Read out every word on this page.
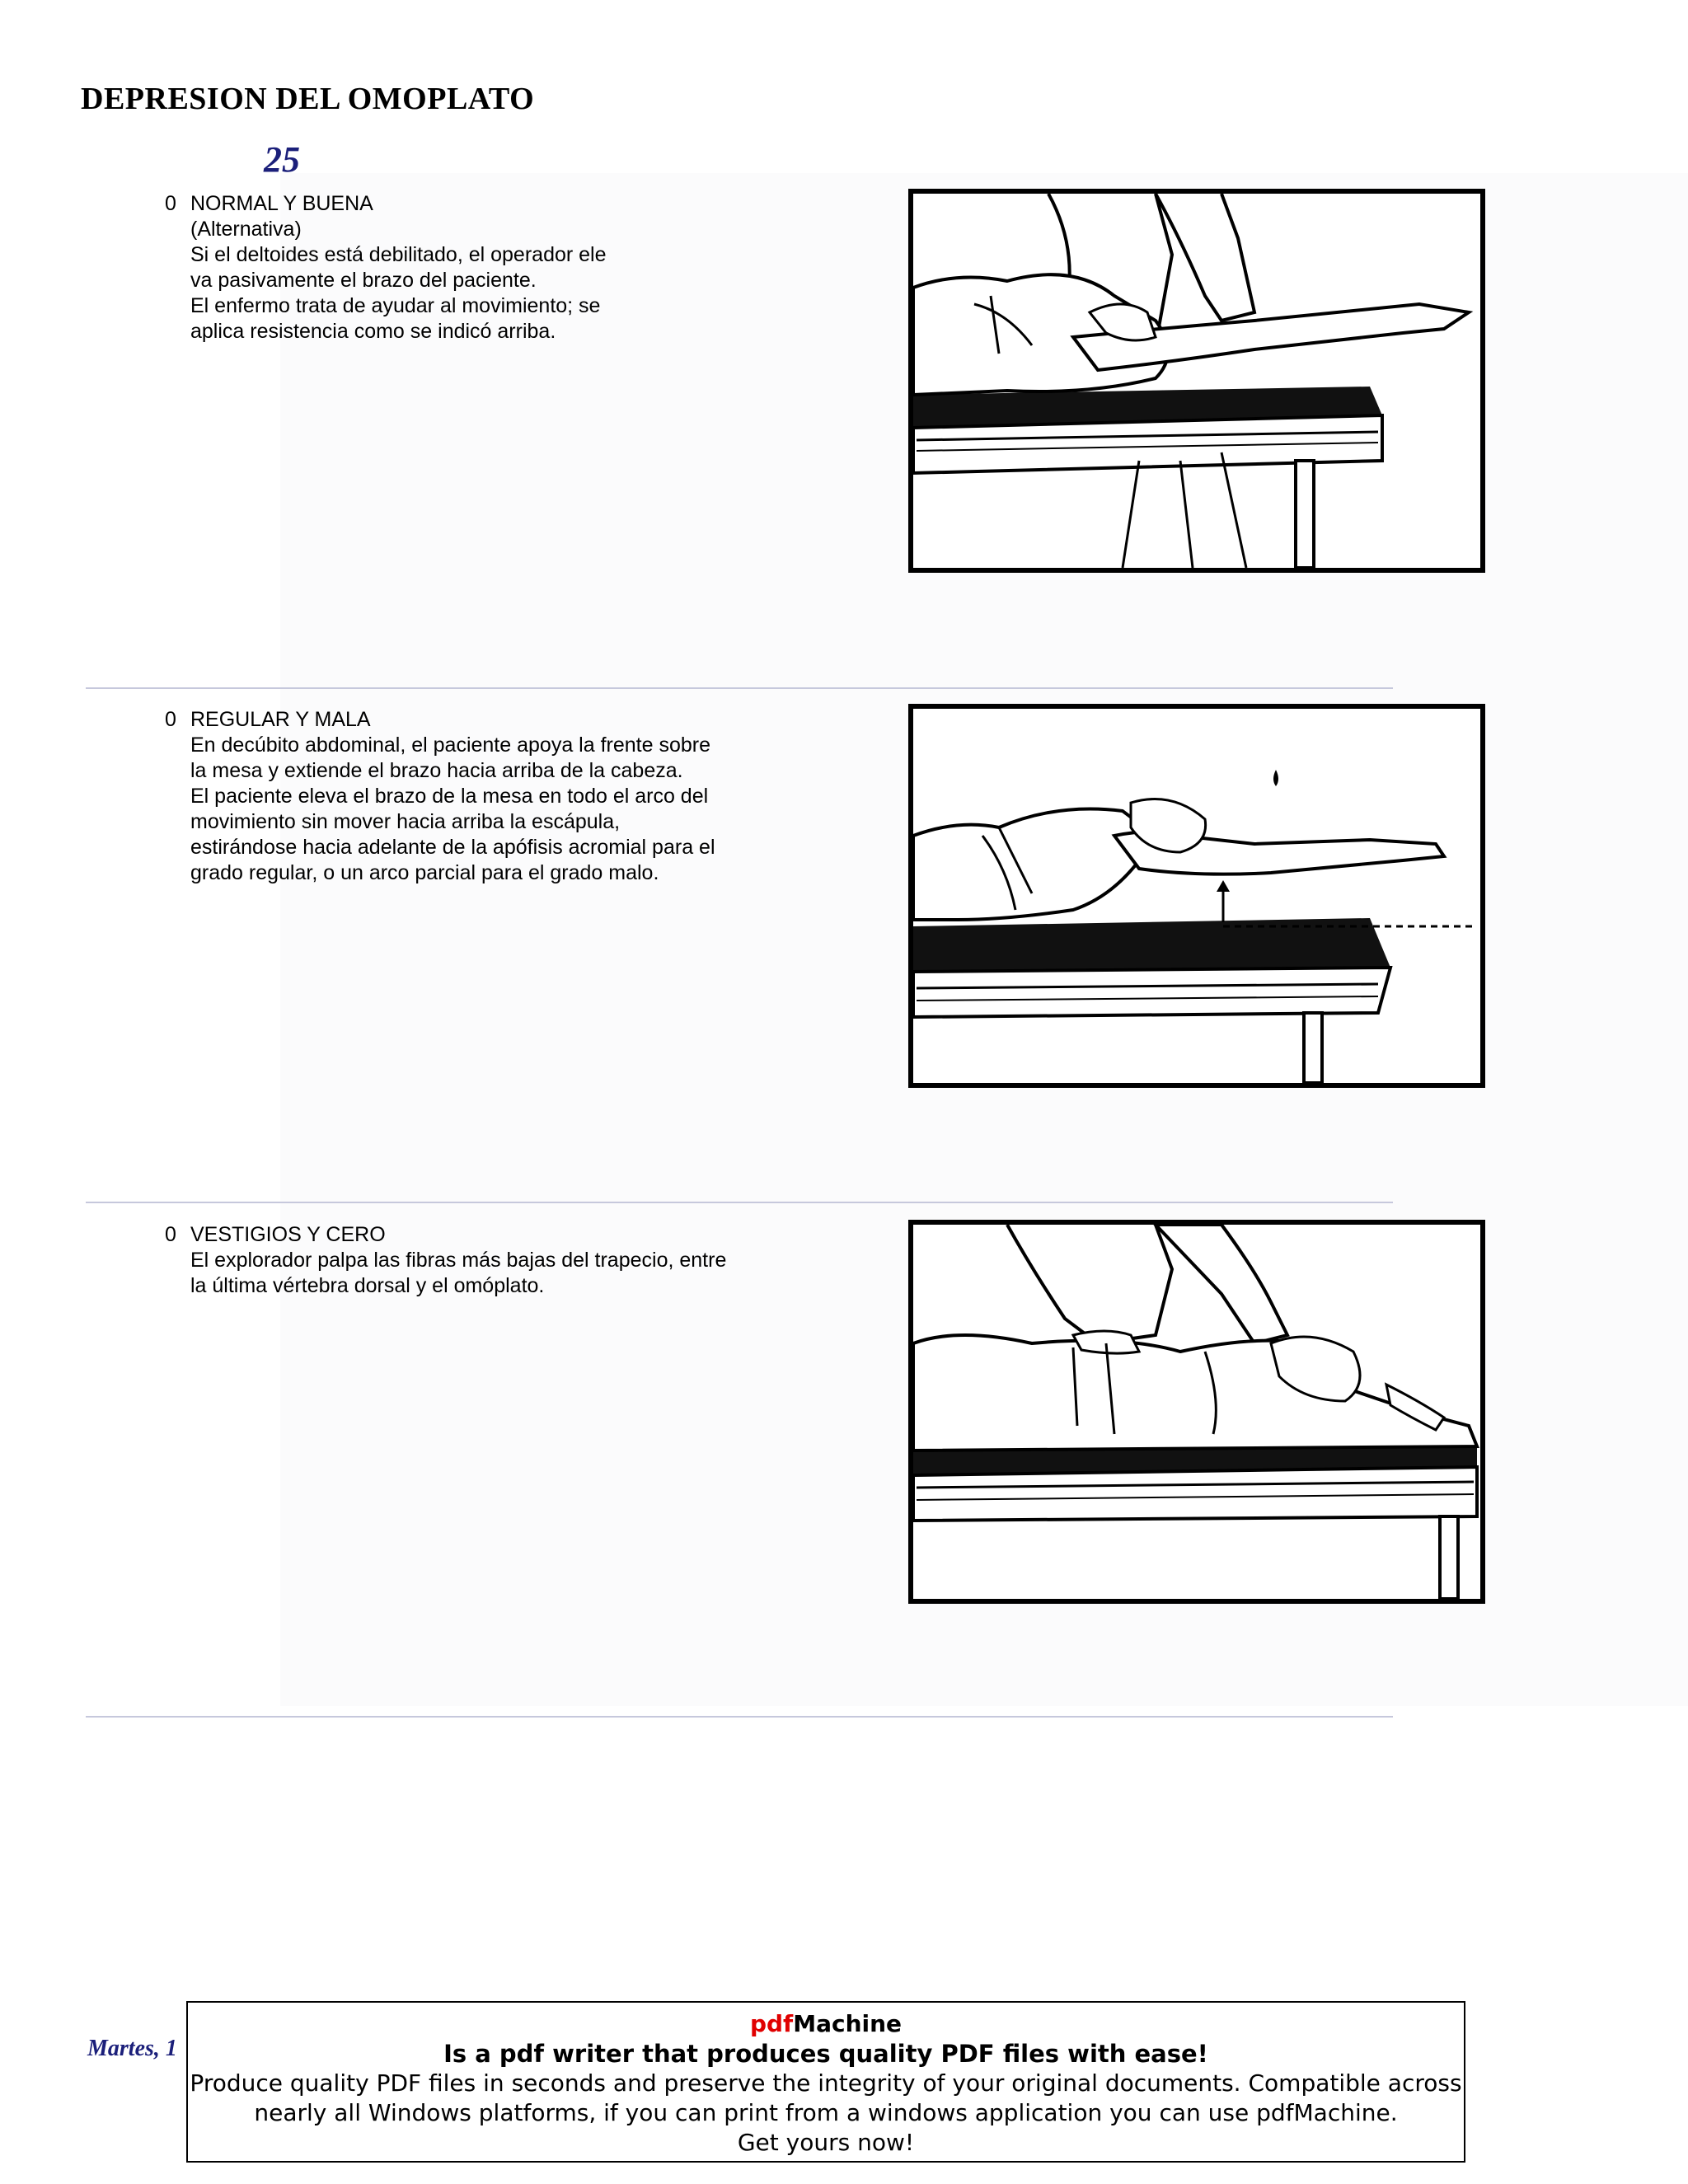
DEPRESION DEL OMOPLATO
25
0 NORMAL Y BUENA
(Alternativa)
Si el deltoides está debilitado, el operador ele
va pasivamente el brazo del paciente.
El enfermo trata de ayudar al movimiento; se
aplica resistencia como se indicó arriba.
0 REGULAR Y MALA
En decúbito abdominal, el paciente apoya la frente sobre
la mesa y extiende el brazo hacia arriba de la cabeza.
El paciente eleva el brazo de la mesa en todo el arco del
movimiento sin mover hacia arriba la escápula,
estirándose hacia adelante de la apófisis acromial para el
grado regular, o un arco parcial para el grado malo.
0 VESTIGIOS Y CERO
El explorador palpa las fibras más bajas del trapecio, entre
la última vértebra dorsal y el omóplato.
Martes, 1
pdfMachine
Is a pdf writer that produces quality PDF files with ease!
Produce quality PDF files in seconds and preserve the integrity of your original documents. Compatible across
nearly all Windows platforms, if you can print from a windows application you can use pdfMachine.
Get yours now!
